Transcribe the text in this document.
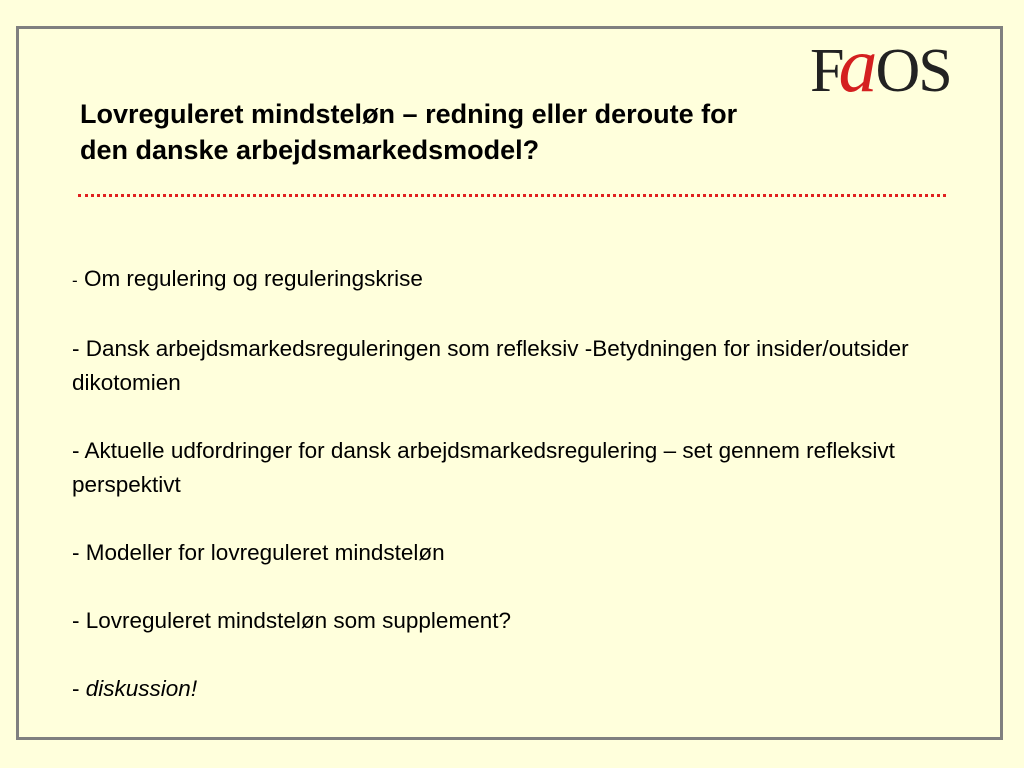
F
a
OS
Lovreguleret mindsteløn – redning eller deroute for
den danske arbejdsmarkedsmodel?
- Om regulering og reguleringskrise
- Dansk arbejdsmarkedsreguleringen som refleksiv -Betydningen for insider/outsider dikotomien
- Aktuelle udfordringer for dansk arbejdsmarkedsregulering – set gennem refleksivt perspektivt
- Modeller for lovreguleret mindsteløn
- Lovreguleret mindsteløn som supplement?
- diskussion!
